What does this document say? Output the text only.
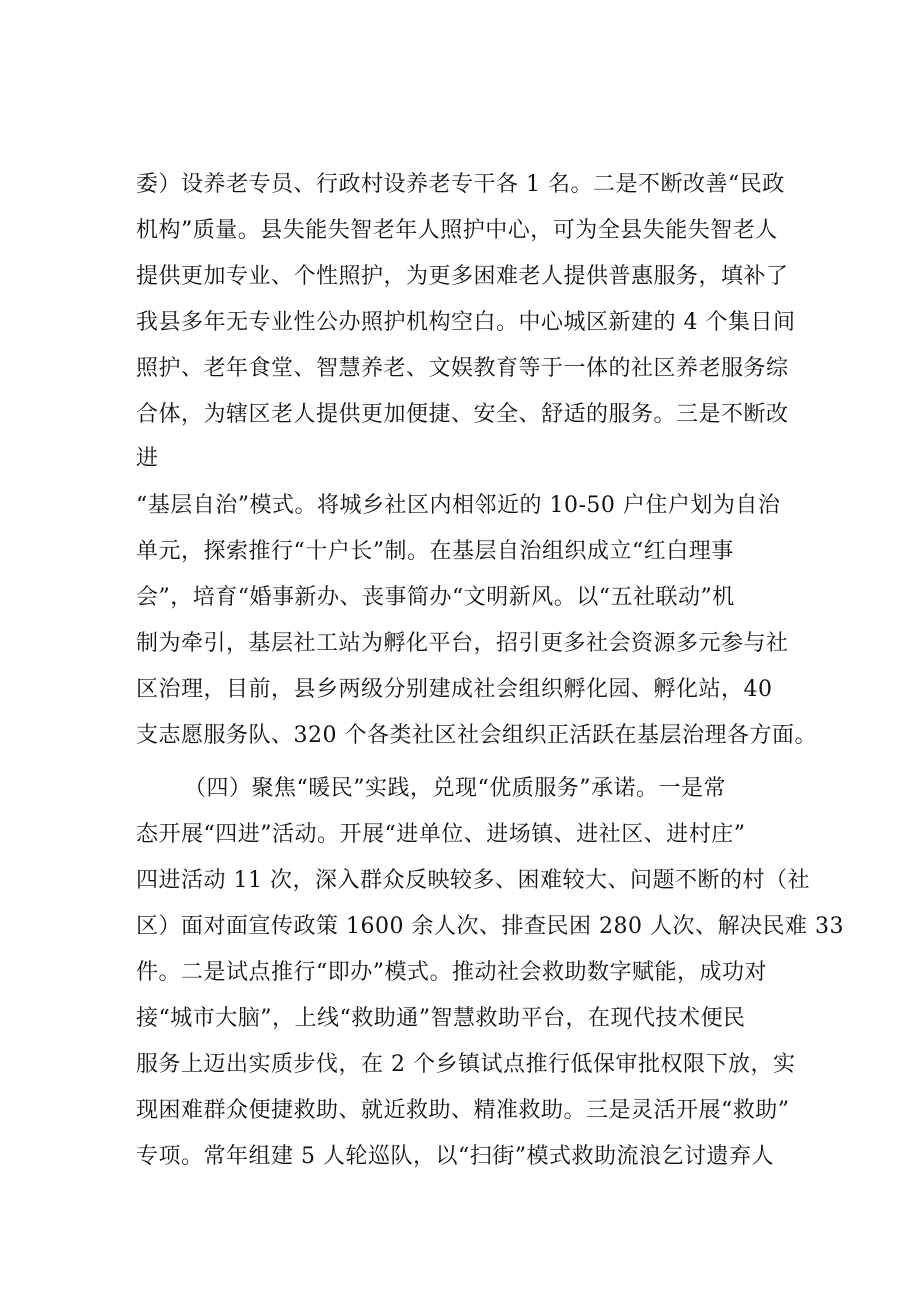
委）设养老专员、行政村设养老专干各 1 名。二是不断改善“民政
机构”质量。县失能失智老年人照护中心，可为全县失能失智老人
提供更加专业、个性照护，为更多困难老人提供普惠服务，填补了
我县多年无专业性公办照护机构空白。中心城区新建的 4 个集日间
照护、老年食堂、智慧养老、文娱教育等于一体的社区养老服务综
合体，为辖区老人提供更加便捷、安全、舒适的服务。三是不断改
进
“基层自治”模式。将城乡社区内相邻近的 10-50 户住户划为自治
单元，探索推行“十户长”制。在基层自治组织成立“红白理事
会”，培育“婚事新办、丧事简办“文明新风。以“五社联动”机
制为牵引，基层社工站为孵化平台，招引更多社会资源多元参与社
区治理，目前，县乡两级分别建成社会组织孵化园、孵化站，40
支志愿服务队、320 个各类社区社会组织正活跃在基层治理各方面。
（四）聚焦“暖民”实践，兑现“优质服务”承诺。一是常
态开展“四进”活动。开展“进单位、进场镇、进社区、进村庄”
四进活动 11 次，深入群众反映较多、困难较大、问题不断的村（社
区）面对面宣传政策 1600 余人次、排查民困 280 人次、解决民难 33
件。二是试点推行“即办”模式。推动社会救助数字赋能，成功对
接“城市大脑”，上线“救助通”智慧救助平台，在现代技术便民
服务上迈出实质步伐，在 2 个乡镇试点推行低保审批权限下放，实
现困难群众便捷救助、就近救助、精准救助。三是灵活开展“救助”
专项。常年组建 5 人轮巡队，以“扫街”模式救助流浪乞讨遗弃人
